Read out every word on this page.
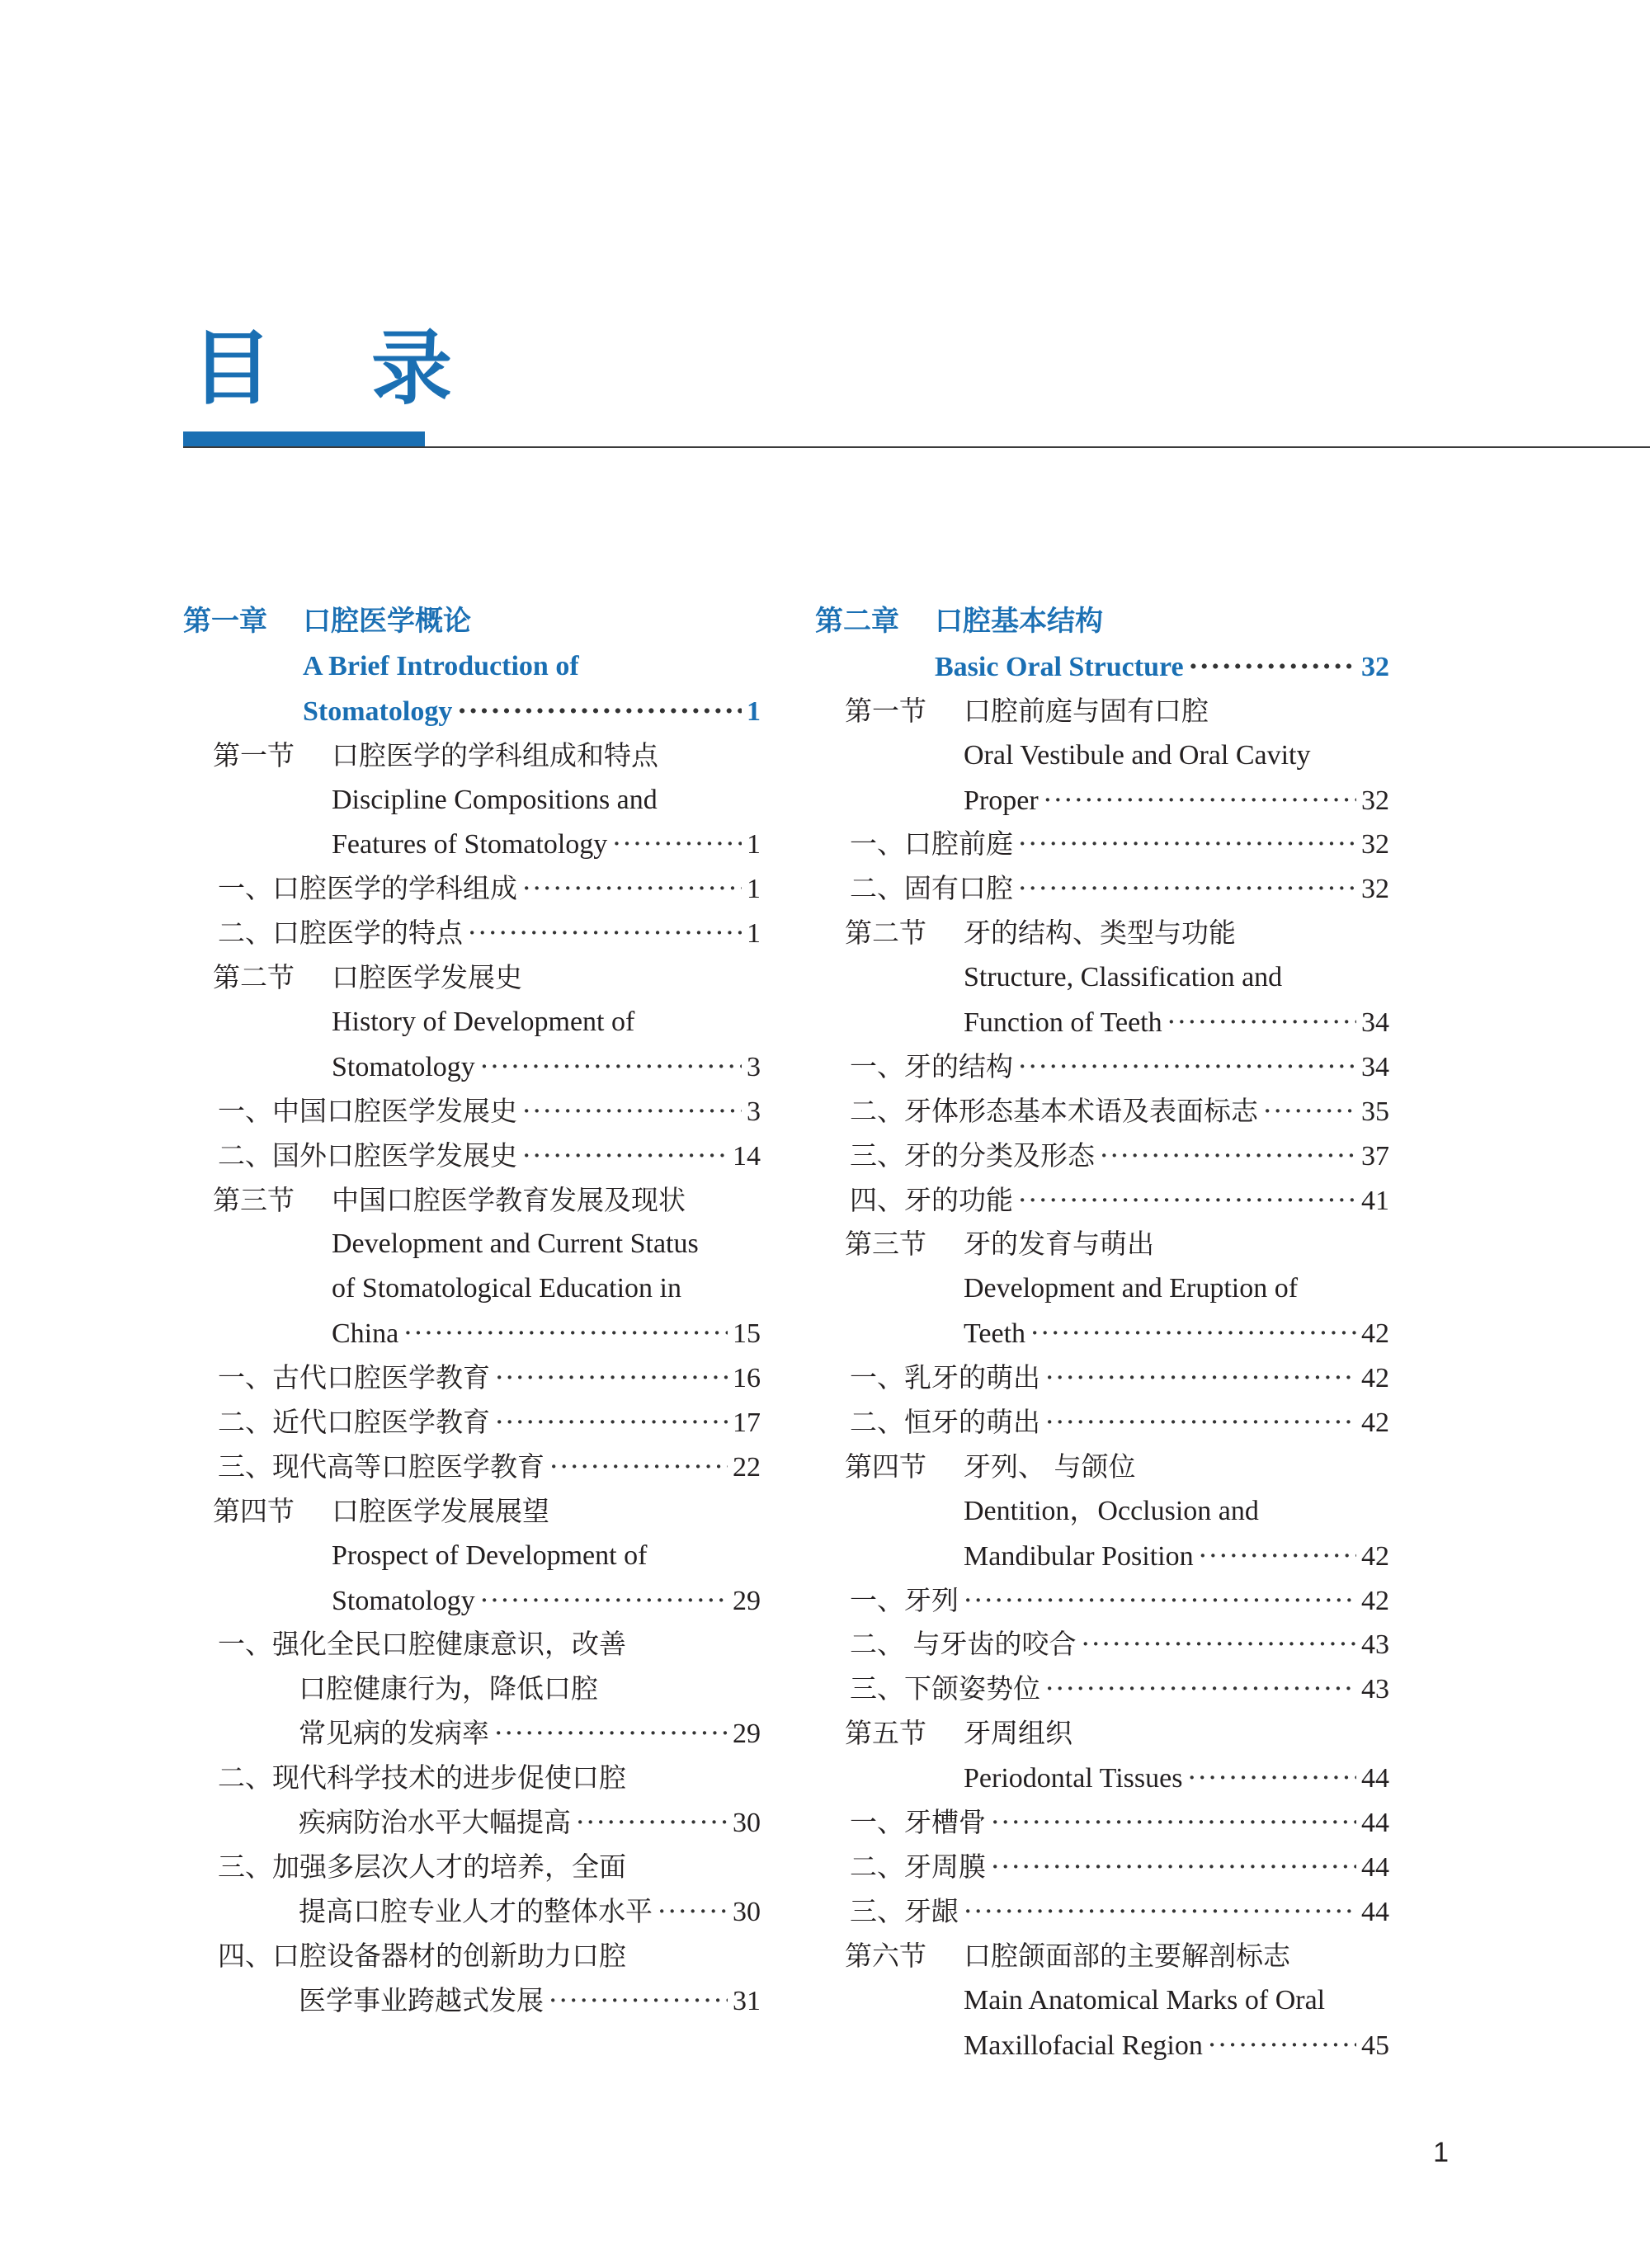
目 录
第一章 口腔医学概论
A Brief Introduction of
Stomatology ·····	1
第一节 口腔医学的学科组成和特点
Discipline Compositions and
Features of Stomatology ·····	1
一、口腔医学的学科组成 ·····	1
二、口腔医学的特点 ·····	1
第二节 口腔医学发展史
History of Development of
Stomatology ·····	3
一、中国口腔医学发展史 ·····	3
二、国外口腔医学发展史 ·····	14
第三节 中国口腔医学教育发展及现状
Development and Current Status
of Stomatological Education in
China ·····	15
一、古代口腔医学教育 ·····	16
二、近代口腔医学教育 ·····	17
三、现代高等口腔医学教育 ·····	22
第四节 口腔医学发展展望
Prospect of Development of
Stomatology ·····	29
一、强化全民口腔健康意识，改善
口腔健康行为，降低口腔
常见病的发病率 ·····	29
二、现代科学技术的进步促使口腔
疾病防治水平大幅提高 ·····	30
三、加强多层次人才的培养，全面
提高口腔专业人才的整体水平 ·····	30
四、口腔设备器材的创新助力口腔
医学事业跨越式发展 ·····	31
第二章 口腔基本结构
Basic Oral Structure ·····	32
第一节 口腔前庭与固有口腔
Oral Vestibule and Oral Cavity
Proper ·····	32
一、口腔前庭 ·····	32
二、固有口腔 ·····	32
第二节 牙的结构、类型与功能
Structure, Classification and
Function of Teeth ·····	34
一、牙的结构 ·····	34
二、牙体形态基本术语及表面标志 ·····	35
三、牙的分类及形态 ·····	37
四、牙的功能 ·····	41
第三节 牙的发育与萌出
Development and Eruption of
Teeth ·····	42
一、乳牙的萌出 ·····	42
二、恒牙的萌出 ·····	42
第四节 牙列、 与颌位
Dentition，Occlusion and
Mandibular Position ·····	42
一、牙列 ·····	42
二、 与牙齿的咬合 ·····	43
三、下颌姿势位 ·····	43
第五节 牙周组织
Periodontal Tissues ·····	44
一、牙槽骨 ·····	44
二、牙周膜 ·····	44
三、牙龈 ·····	44
第六节 口腔颌面部的主要解剖标志
Main Anatomical Marks of Oral
Maxillofacial Region ·····	45
1
